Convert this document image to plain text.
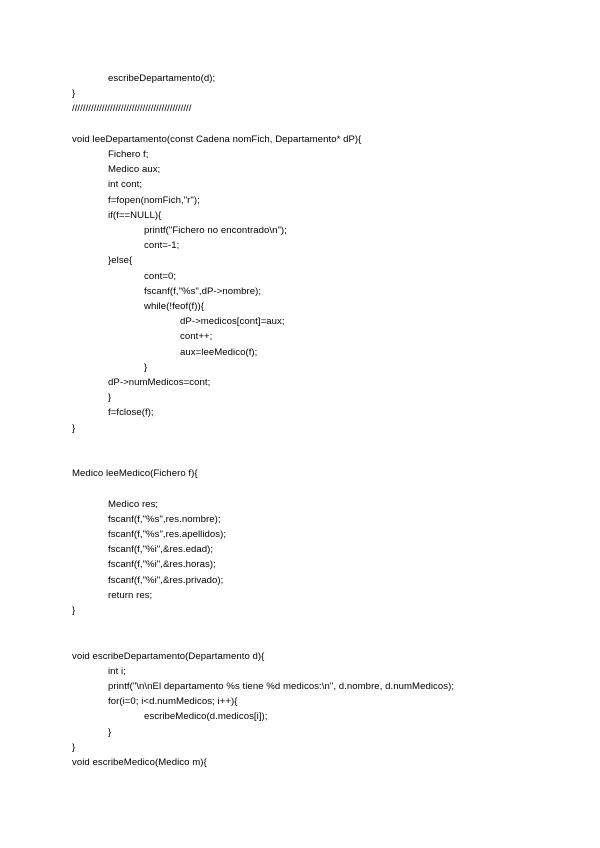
escribeDepartamento(d);
}
////////////////////////////////////////////
void leeDepartamento(const Cadena nomFich, Departamento* dP){
Fichero f;
Medico aux;
int cont;
f=fopen(nomFich,"r");
if(f==NULL){
printf("Fichero no encontrado\n");
cont=-1;
}else{
cont=0;
fscanf(f,"%s",dP->nombre);
while(!feof(f)){
dP->medicos[cont]=aux;
cont++;
aux=leeMedico(f);
}
dP->numMedicos=cont;
}
f=fclose(f);
}
Medico leeMedico(Fichero f){
Medico res;
fscanf(f,"%s",res.nombre);
fscanf(f,"%s",res.apellidos);
fscanf(f,"%i",&res.edad);
fscanf(f,"%i",&res.horas);
fscanf(f,"%i",&res.privado);
return res;
}
void escribeDepartamento(Departamento d){
int i;
printf("\n\nEl departamento %s tiene %d medicos:\n", d.nombre, d.numMedicos);
for(i=0; i<d.numMedicos; i++){
escribeMedico(d.medicos[i]);
}
}
void escribeMedico(Medico m){
